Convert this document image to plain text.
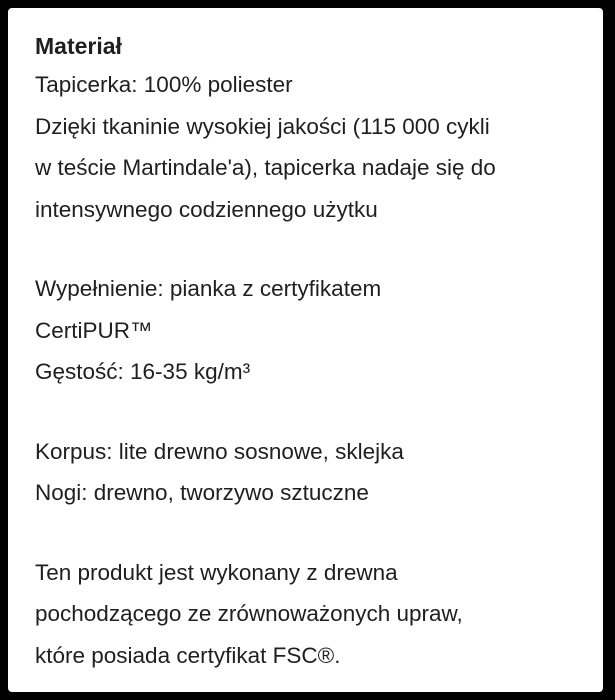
Materiał

Tapicerka: 100% poliester

Dzięki tkaninie wysokiej jakości (115 000 cykli

w teście Martindale'a), tapicerka nadaje się do

intensywnego codziennego użytku

Wypełnienie: pianka z certyfikatem

CertiPUR™

Gęstość: 16-35 kg/m³

Korpus: lite drewno sosnowe, sklejka

Nogi: drewno, tworzywo sztuczne

Ten produkt jest wykonany z drewna

pochodzącego ze zrównoważonych upraw,

które posiada certyfikat FSC®.
